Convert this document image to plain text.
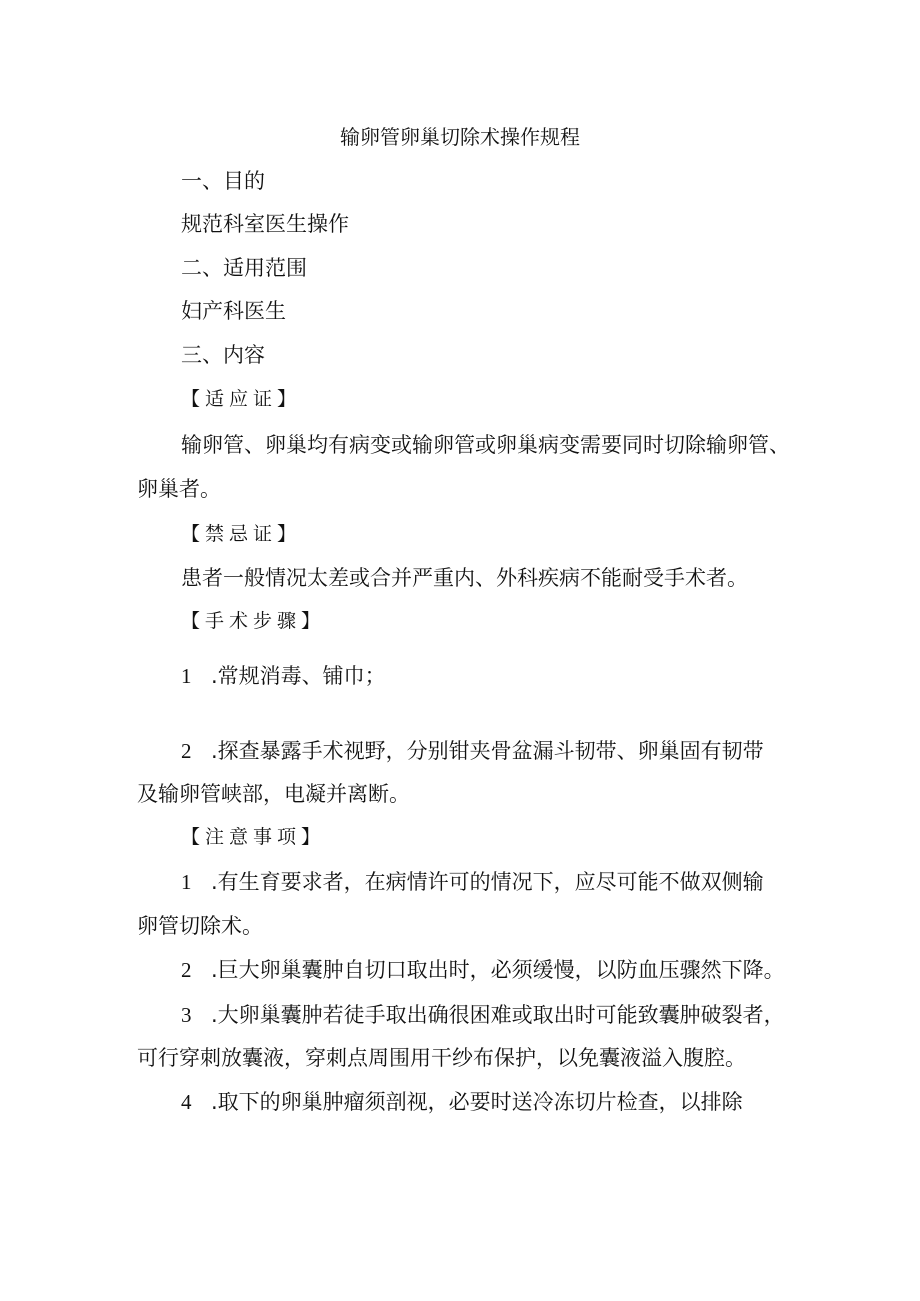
输卵管卵巢切除术操作规程

一、目的

规范科室医生操作

二、适用范围

妇产科医生

三、内容

【适应证】

输卵管、卵巢均有病变或输卵管或卵巢病变需要同时切除输卵管、

卵巢者。

【禁忌证】

患者一般情况太差或合并严重内、外科疾病不能耐受手术者。

【手术步骤】

1 .常规消毒、铺巾；

2 .探查暴露手术视野，分别钳夹骨盆漏斗韧带、卵巢固有韧带

及输卵管峡部，电凝并离断。

【注意事项】

1 .有生育要求者，在病情许可的情况下，应尽可能不做双侧输

卵管切除术。

2 .巨大卵巢囊肿自切口取出时，必须缓慢，以防血压骤然下降。

3 .大卵巢囊肿若徒手取出确很困难或取出时可能致囊肿破裂者，

可行穿刺放囊液，穿刺点周围用干纱布保护，以免囊液溢入腹腔。

4 .取下的卵巢肿瘤须剖视，必要时送冷冻切片检查，以排除
